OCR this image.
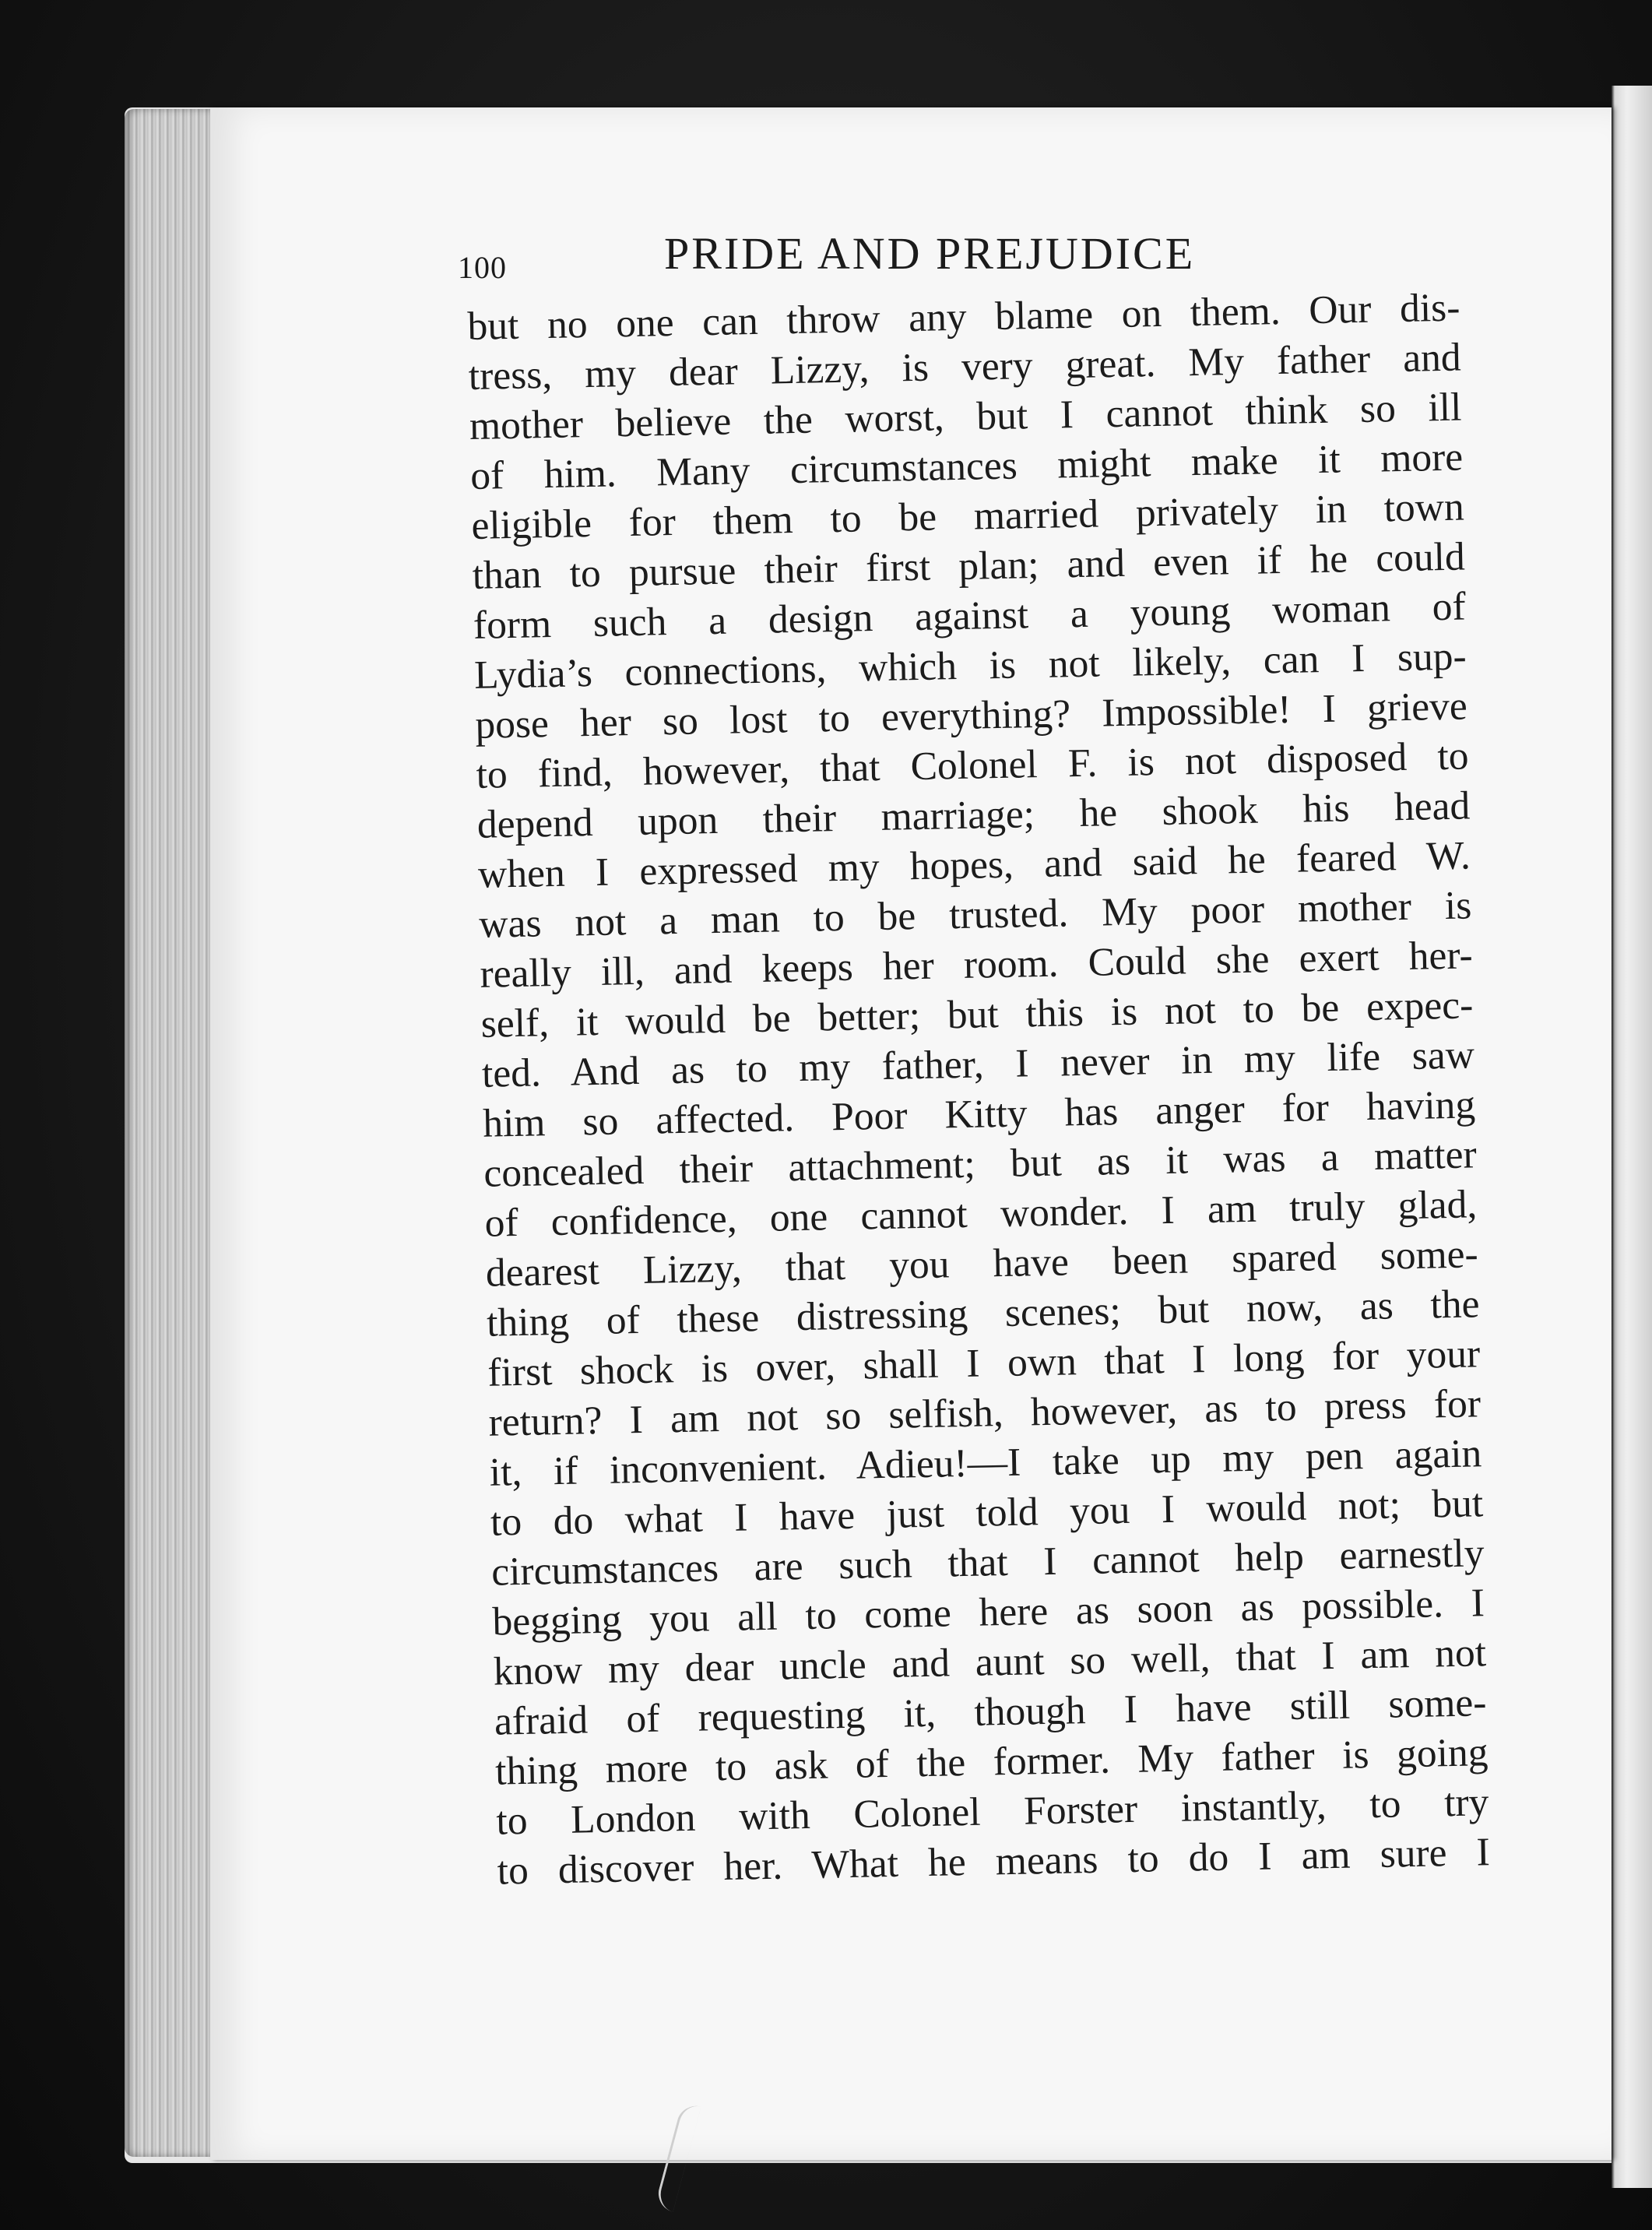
100	PRIDE AND PREJUDICE
but no one can throw any blame on them. Our dis-
tress, my dear Lizzy, is very great. My father and
mother believe the worst, but I cannot think so ill
of him. Many circumstances might make it more
eligible for them to be married privately in town
than to pursue their first plan; and even if he could
form such a design against a young woman of
Lydia’s connections, which is not likely, can I sup-
pose her so lost to everything? Impossible! I grieve
to find, however, that Colonel F. is not disposed to
depend upon their marriage; he shook his head
when I expressed my hopes, and said he feared W.
was not a man to be trusted. My poor mother is
really ill, and keeps her room. Could she exert her-
self, it would be better; but this is not to be expec-
ted. And as to my father, I never in my life saw
him so affected. Poor Kitty has anger for having
concealed their attachment; but as it was a matter
of confidence, one cannot wonder. I am truly glad,
dearest Lizzy, that you have been spared some-
thing of these distressing scenes; but now, as the
first shock is over, shall I own that I long for your
return? I am not so selfish, however, as to press for
it, if inconvenient. Adieu!—I take up my pen again
to do what I have just told you I would not; but
circumstances are such that I cannot help earnestly
begging you all to come here as soon as possible. I
know my dear uncle and aunt so well, that I am not
afraid of requesting it, though I have still some-
thing more to ask of the former. My father is going
to London with Colonel Forster instantly, to try
to discover her. What he means to do I am sure I
